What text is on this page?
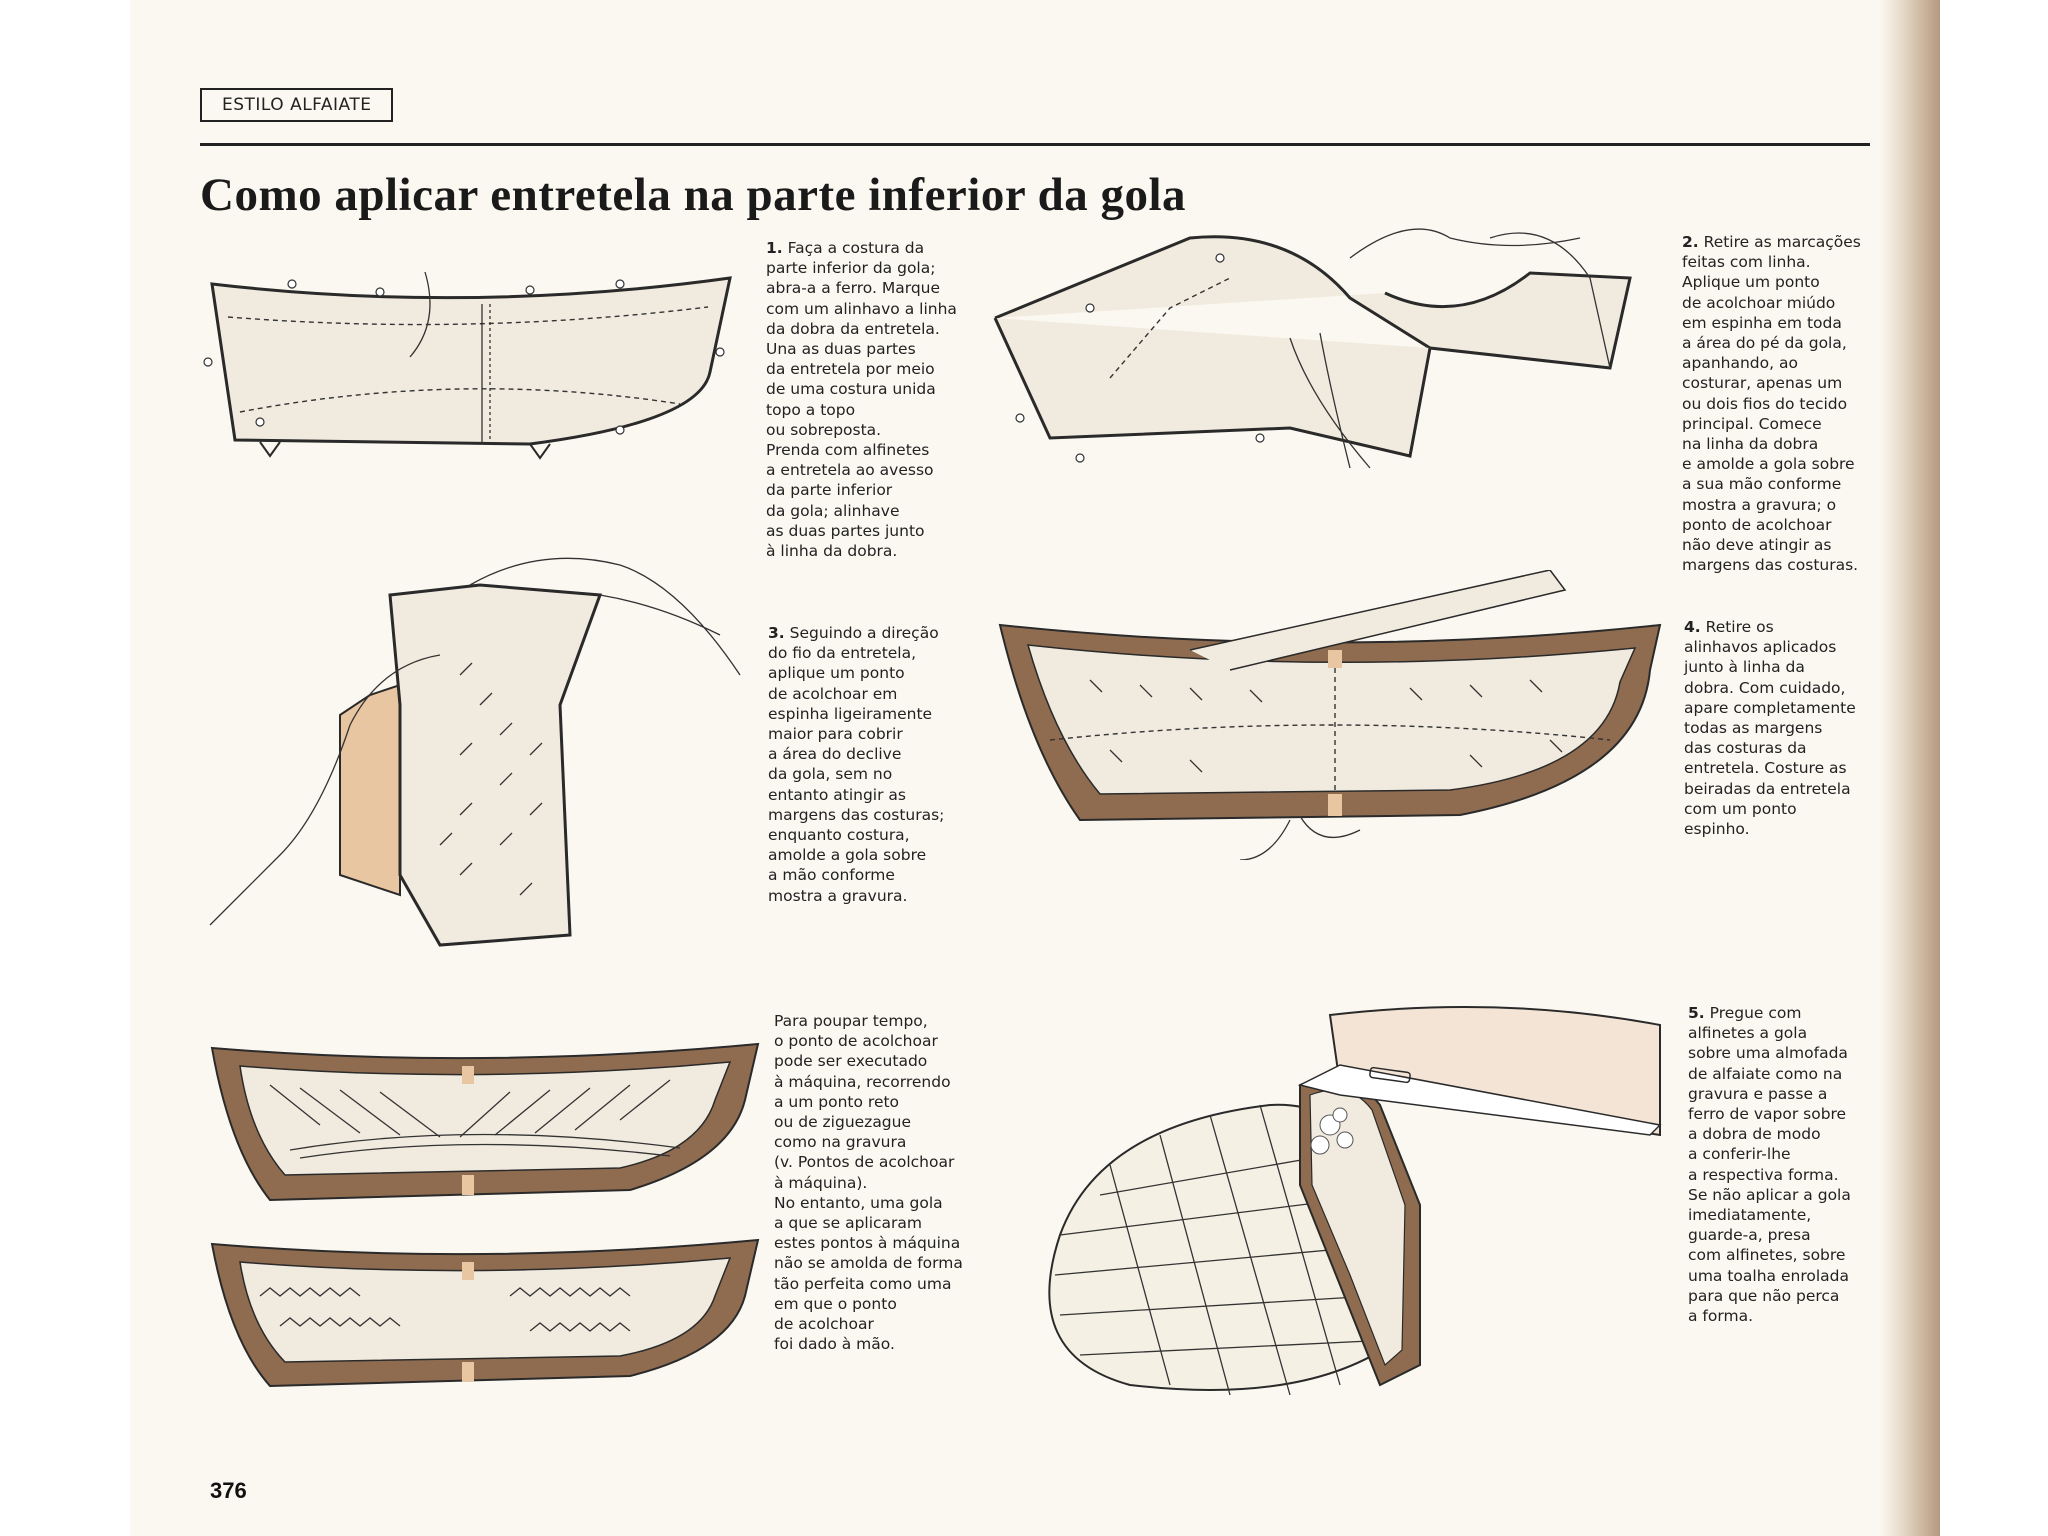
ESTILO ALFAIATE
Como aplicar entretela na parte inferior da gola
1. Faça a costura da
parte inferior da gola;
abra-a a ferro. Marque
com um alinhavo a linha
da dobra da entretela.
Una as duas partes
da entretela por meio
de uma costura unida
topo a topo
ou sobreposta.
Prenda com alfinetes
a entretela ao avesso
da parte inferior
da gola; alinhave
as duas partes junto
à linha da dobra.
2. Retire as marcações
feitas com linha.
Aplique um ponto
de acolchoar miúdo
em espinha em toda
a área do pé da gola,
apanhando, ao
costurar, apenas um
ou dois fios do tecido
principal. Comece
na linha da dobra
e amolde a gola sobre
a sua mão conforme
mostra a gravura; o
ponto de acolchoar
não deve atingir as
margens das costuras.
3. Seguindo a direção
do fio da entretela,
aplique um ponto
de acolchoar em
espinha ligeiramente
maior para cobrir
a área do declive
da gola, sem no
entanto atingir as
margens das costuras;
enquanto costura,
amolde a gola sobre
a mão conforme
mostra a gravura.
4. Retire os
alinhavos aplicados
junto à linha da
dobra. Com cuidado,
apare completamente
todas as margens
das costuras da
entretela. Costure as
beiradas da entretela
com um ponto
espinho.
Para poupar tempo,
o ponto de acolchoar
pode ser executado
à máquina, recorrendo
a um ponto reto
ou de ziguezague
como na gravura
(v. Pontos de acolchoar
à máquina).
No entanto, uma gola
a que se aplicaram
estes pontos à máquina
não se amolda de forma
tão perfeita como uma
em que o ponto
de acolchoar
foi dado à mão.
5. Pregue com
alfinetes a gola
sobre uma almofada
de alfaiate como na
gravura e passe a
ferro de vapor sobre
a dobra de modo
a conferir-lhe
a respectiva forma.
Se não aplicar a gola
imediatamente,
guarde-a, presa
com alfinetes, sobre
uma toalha enrolada
para que não perca
a forma.
376
